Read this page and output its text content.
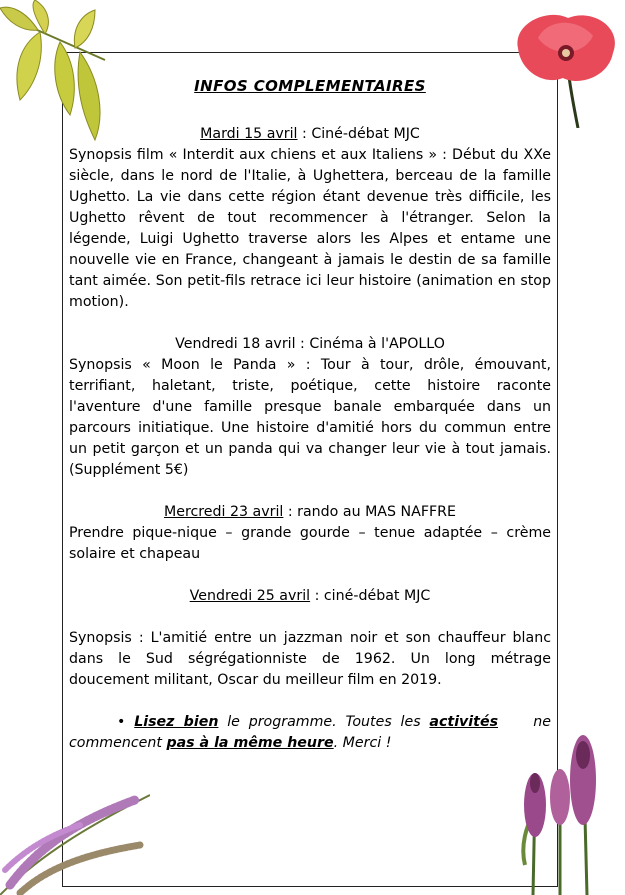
INFOS COMPLEMENTAIRES

Mardi 15 avril : Ciné-débat MJC

Synopsis film « Interdit aux chiens et aux Italiens » : Début du XXe siècle, dans le nord de l'Italie, à Ughettera, berceau de la famille Ughetto. La vie dans cette région étant devenue très difficile, les Ughetto rêvent de tout recommencer à l'étranger. Selon la légende, Luigi Ughetto traverse alors les Alpes et entame une nouvelle vie en France, changeant à jamais le destin de sa famille tant aimée. Son petit-fils retrace ici leur histoire (animation en stop motion).

Vendredi 18 avril : Cinéma à l'APOLLO

Synopsis « Moon le Panda » : Tour à tour, drôle, émouvant, terrifiant, haletant, triste, poétique, cette histoire raconte l'aventure d'une famille presque banale embarquée dans un parcours initiatique. Une histoire d'amitié hors du commun entre un petit garçon et un panda qui va changer leur vie à tout jamais. (Supplément 5€)

Mercredi 23 avril : rando au MAS NAFFRE

Prendre pique-nique – grande gourde – tenue adaptée – crème solaire et chapeau

Vendredi 25 avril : ciné-débat MJC

Synopsis : L'amitié entre un jazzman noir et son chauffeur blanc dans le Sud ségrégationniste de 1962. Un long métrage doucement militant, Oscar du meilleur film en 2019.

• Lisez bien le programme. Toutes les activités    ne commencent pas à la même heure. Merci !
